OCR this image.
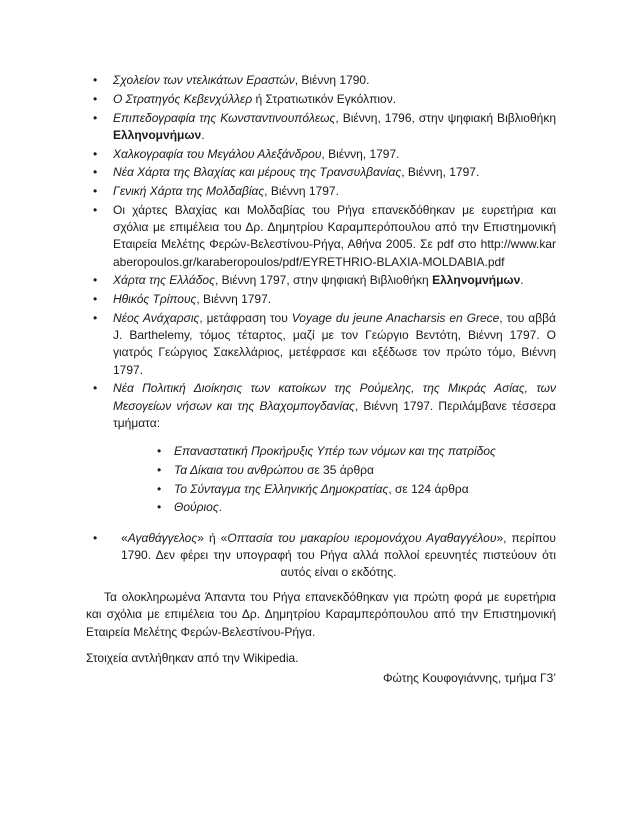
• Σχολείον των ντελικάτων Εραστών, Βιέννη 1790.
• Ο Στρατηγός Κεβενχύλλερ ή Στρατιωτικόν Εγκόλπιον.
• Επιπεδογραφία της Κωνσταντινουπόλεως, Βιέννη, 1796, στην ψηφιακή Βιβλιοθήκη Ελληνομνήμων.
• Χαλκογραφία του Μεγάλου Αλεξάνδρου, Βιέννη, 1797.
• Νέα Χάρτα της Βλαχίας και μέρους της Τρανσυλβανίας, Βιέννη, 1797.
• Γενική Χάρτα της Μολδαβίας, Βιέννη 1797.
• Οι χάρτες Βλαχίας και Μολδαβίας του Ρήγα επανεκδόθηκαν με ευρετήρια και σχόλια με επιμέλεια του Δρ. Δημητρίου Καραμπερόπουλου από την Επιστημονική Εταιρεία Μελέτης Φερών-Βελεστίνου-Ρήγα, Αθήνα 2005. Σε pdf στο http://www.karaberopoulos.gr/karaberopoulos/pdf/EYRETHRIO-BLAXIA-MOLDABIA.pdf
• Χάρτα της Ελλάδος, Βιέννη 1797, στην ψηφιακή Βιβλιοθήκη Ελληνομνήμων.
• Ηθικός Τρίπους, Βιέννη 1797.
• Νέος Ανάχαρσις, μετάφραση του Voyage du jeune Anacharsis en Grece, του αββά J. Barthelemy, τόμος τέταρτος, μαζί με τον Γεώργιο Βεντότη, Βιέννη 1797. Ο γιατρός Γεώργιος Σακελλάριος, μετέφρασε και εξέδωσε τον πρώτο τόμο, Βιέννη 1797.
• Νέα Πολιτική Διοίκησις των κατοίκων της Ρούμελης, της Μικράς Ασίας, των Μεσογείων νήσων και της Βλαχομπογδανίας, Βιέννη 1797. Περιλάμβανε τέσσερα τμήματα:
• Επαναστατική Προκήρυξις Υπέρ των νόμων και της πατρίδος
• Τα Δίκαια του ανθρώπου σε 35 άρθρα
• Το Σύνταγμα της Ελληνικής Δημοκρατίας, σε 124 άρθρα
• Θούριος.
• «Αγαθάγγελος» ή «Οπτασία του μακαρίου ιερομονάχου Αγαθαγγέλου», περίπου 1790. Δεν φέρει την υπογραφή του Ρήγα αλλά πολλοί ερευνητές πιστεύουν ότι αυτός είναι ο εκδότης.

Τα ολοκληρωμένα Άπαντα του Ρήγα επανεκδόθηκαν για πρώτη φορά με ευρετήρια και σχόλια με επιμέλεια του Δρ. Δημητρίου Καραμπερόπουλου από την Επιστημονική Εταιρεία Μελέτης Φερών-Βελεστίνου-Ρήγα.

Στοιχεία αντλήθηκαν από την Wikipedia.

Φώτης Κουφογιάννης, τμήμα Γ3’
